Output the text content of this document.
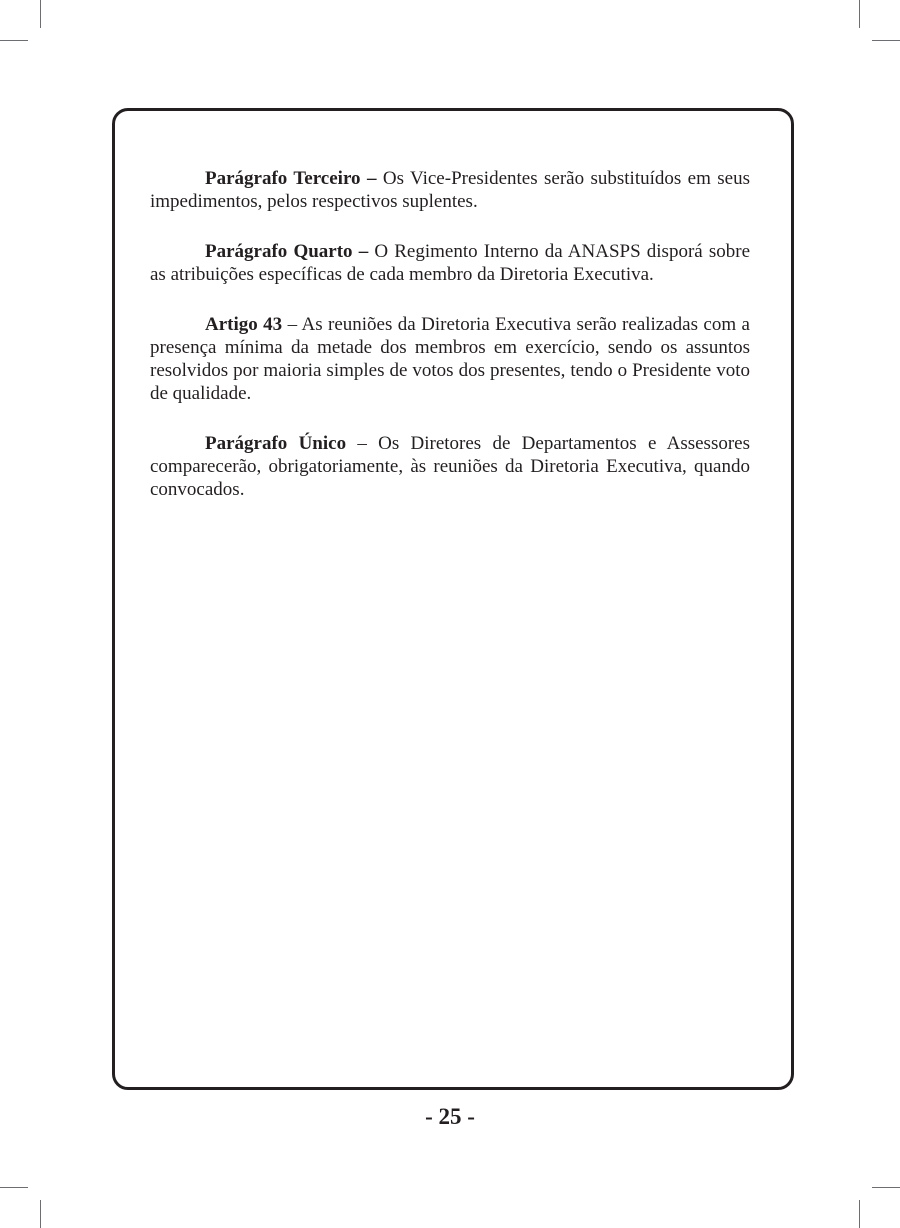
Parágrafo Terceiro – Os Vice-Presidentes serão substituídos em seus impedimentos, pelos respectivos suplentes.

Parágrafo Quarto – O Regimento Interno da ANASPS disporá sobre as atribuições específicas de cada membro da Diretoria Executiva.

Artigo 43 – As reuniões da Diretoria Executiva serão realizadas com a presença mínima da metade dos membros em exercício, sendo os assuntos resolvidos por maioria simples de votos dos presentes, tendo o Presidente voto de qualidade.

Parágrafo Único – Os Diretores de Departamentos e Assessores comparecerão, obrigatoriamente, às reuniões da Diretoria Executiva, quando convocados.

- 25 -
